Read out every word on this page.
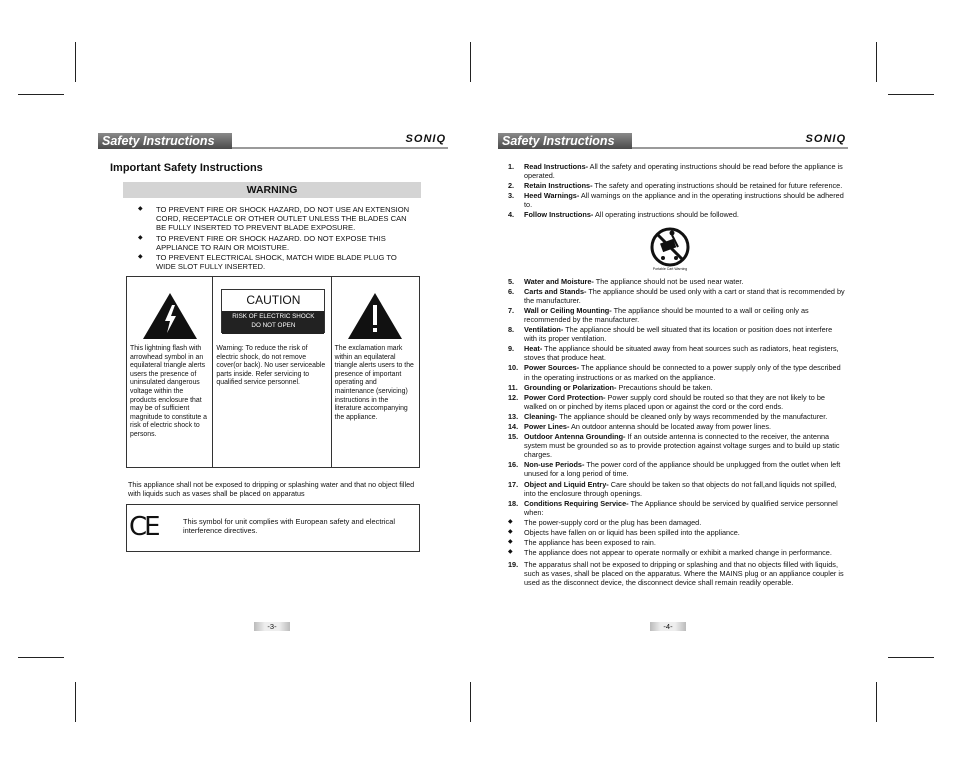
Safety Instructions	SONIQ
Important Safety Instructions
WARNING
◆ TO PREVENT FIRE OR SHOCK HAZARD, DO NOT USE AN EXTENSION CORD, RECEPTACLE OR OTHER OUTLET UNLESS THE BLADES CAN BE FULLY INSERTED TO PREVENT BLADE EXPOSURE.
◆ TO PREVENT FIRE OR SHOCK HAZARD. DO NOT EXPOSE THIS APPLIANCE TO RAIN OR MOISTURE.
◆ TO PREVENT ELECTRICAL SHOCK, MATCH WIDE BLADE PLUG TO WIDE SLOT FULLY INSERTED.

This lightning flash with arrowhead symbol in an equilateral triangle alerts users the presence of uninsulated dangerous voltage within the products enclosure that may be of sufficient magnitude to constitute a risk of electric shock to persons.

CAUTION
RISK OF ELECTRIC SHOCK
DO NOT OPEN

Warning: To reduce the risk of electric shock, do not remove cover(or back). No user serviceable parts inside. Refer servicing to qualified service personnel.

The exclamation mark within an equilateral triangle alerts users to the presence of important operating and maintenance (servicing) instructions in the literature accompanying the appliance.

This appliance shall not be exposed to dripping or splashing water and that no object filled with liquids such as vases shall be placed on apparatus

CE	This symbol for unit complies with European safety and electrical interference directives.

-3-
Safety Instructions	SONIQ
1. Read Instructions- All the safety and operating instructions should be read before the appliance is operated.
2. Retain Instructions- The safety and operating instructions should be retained for future reference.
3. Heed Warnings- All warnings on the appliance and in the operating instructions should be adhered to.
4. Follow Instructions- All operating instructions should be followed.
Portable Cart Warning
5. Water and Moisture- The appliance should not be used near water.
6. Carts and Stands- The appliance should be used only with a cart or stand that is recommended by the manufacturer.
7. Wall or Ceiling Mounting- The appliance should be mounted to a wall or ceiling only as recommended by the manufacturer.
8. Ventilation- The appliance should be well situated that its location or position does not interfere with its proper ventilation.
9. Heat- The appliance should be situated away from heat sources such as radiators, heat registers, stoves that produce heat.
10. Power Sources- The appliance should be connected to a power supply only of the type described in the operating instructions or as marked on the appliance.
11. Grounding or Polarization- Precautions should be taken.
12. Power Cord Protection- Power supply cord should be routed so that they are not likely to be walked on or pinched by items placed upon or against the cord or the cord ends.
13. Cleaning- The appliance should be cleaned only by ways recommended by the manufacturer.
14. Power Lines- An outdoor antenna should be located away from power lines.
15. Outdoor Antenna Grounding- If an outside antenna is connected to the receiver, the antenna system must be grounded so as to provide protection against voltage surges and to build up static charges.
16. Non-use Periods- The power cord of the appliance should be unplugged from the outlet when left unused for a long period of time.
17. Object and Liquid Entry- Care should be taken so that objects do not fall,and liquids not spilled, into the enclosure through openings.
18. Conditions Requiring Service- The Appliance should be serviced by qualified service personnel when:
◆ The power-supply cord or the plug has been damaged.
◆ Objects have fallen on or liquid has been spilled into the appliance.
◆ The appliance has been exposed to rain.
◆ The appliance does not appear to operate normally or exhibit a marked change in performance.
19. The apparatus shall not be exposed to dripping or splashing and that no objects filled with liquids, such as vases, shall be placed on the apparatus. Where the MAINS plug or an appliance coupler is used as the disconnect device, the disconnect device shall remain readily operable.
-4-
